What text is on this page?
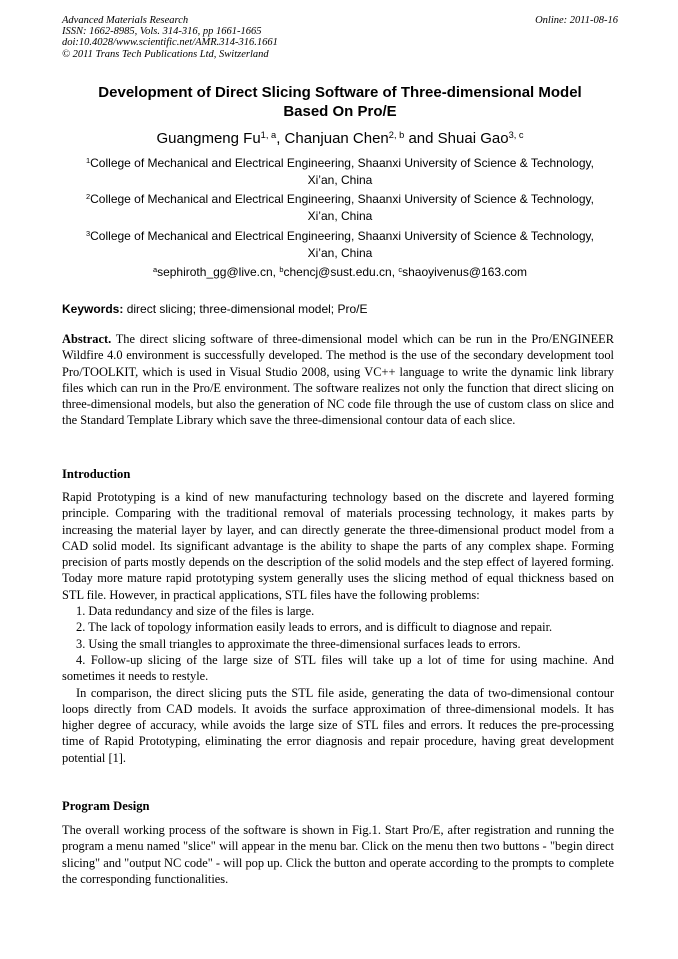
Advanced Materials Research
ISSN: 1662-8985, Vols. 314-316, pp 1661-1665
doi:10.4028/www.scientific.net/AMR.314-316.1661
© 2011 Trans Tech Publications Ltd, Switzerland
Online: 2011-08-16
Development of Direct Slicing Software of Three-dimensional Model
Based On Pro/E
Guangmeng Fu$^{1, a}$, Chanjuan Chen$^{2, b}$ and Shuai Gao$^{3, c}$
$^1$College of Mechanical and Electrical Engineering, Shaanxi University of Science & Technology,
Xi’an, China
$^2$College of Mechanical and Electrical Engineering, Shaanxi University of Science & Technology,
Xi’an, China
$^3$College of Mechanical and Electrical Engineering, Shaanxi University of Science & Technology,
Xi’an, China
$^a$sephiroth_gg@live.cn, $^b$chencj@sust.edu.cn, $^c$shaoyivenus@163.com
Keywords: direct slicing; three-dimensional model; Pro/E
Abstract. The direct slicing software of three-dimensional model which can be run in the Pro/ENGINEER Wildfire 4.0 environment is successfully developed. The method is the use of the secondary development tool Pro/TOOLKIT, which is used in Visual Studio 2008, using VC++ language to write the dynamic link library files which can run in the Pro/E environment. The software realizes not only the function that direct slicing on three-dimensional models, but also the generation of NC code file through the use of custom class on slice and the Standard Template Library which save the three-dimensional contour data of each slice.
Introduction

Rapid Prototyping is a kind of new manufacturing technology based on the discrete and layered forming principle. Comparing with the traditional removal of materials processing technology, it makes parts by increasing the material layer by layer, and can directly generate the three-dimensional product model from a CAD solid model. Its significant advantage is the ability to shape the parts of any complex shape. Forming precision of parts mostly depends on the description of the solid models and the step effect of layered forming. Today more mature rapid prototyping system generally uses the slicing method of equal thickness based on STL file. However, in practical applications, STL files have the following problems:

1. Data redundancy and size of the files is large.

2. The lack of topology information easily leads to errors, and is difficult to diagnose and repair.

3. Using the small triangles to approximate the three-dimensional surfaces leads to errors.

4. Follow-up slicing of the large size of STL files will take up a lot of time for using machine. And sometimes it needs to restyle.

In comparison, the direct slicing puts the STL file aside, generating the data of two-dimensional contour loops directly from CAD models. It avoids the surface approximation of three-dimensional models. It has higher degree of accuracy, while avoids the large size of STL files and errors. It reduces the pre-processing time of Rapid Prototyping, eliminating the error diagnosis and repair procedure, having great development potential [1].

Program Design

The overall working process of the software is shown in Fig.1. Start Pro/E, after registration and running the program a menu named "slice" will appear in the menu bar. Click on the menu then two buttons - "begin direct slicing" and "output NC code" - will pop up. Click the button and operate according to the prompts to complete the corresponding functionalities.
